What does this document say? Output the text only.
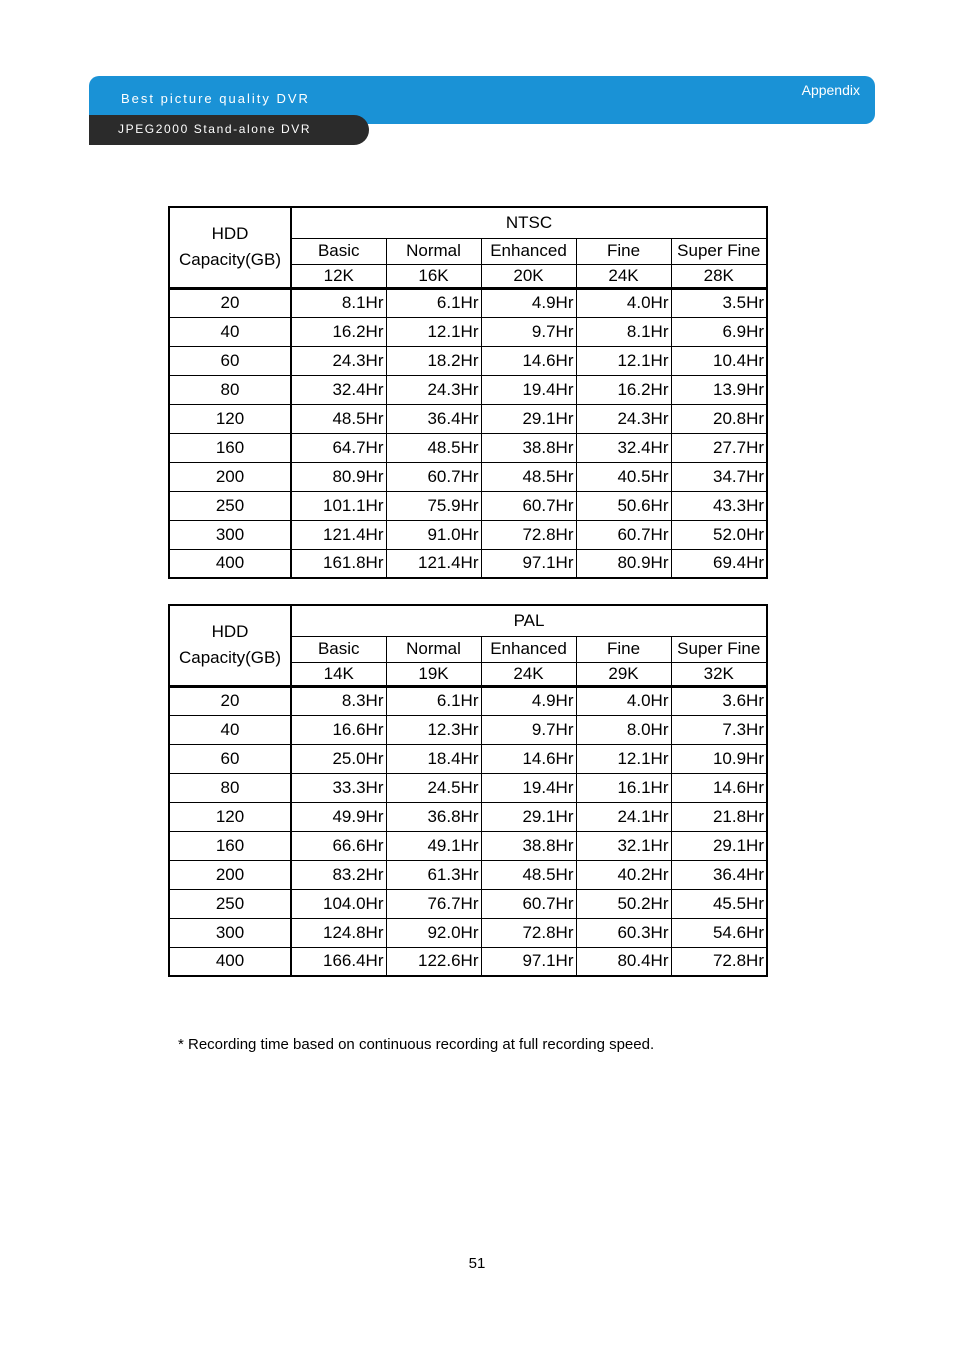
Best picture quality DVR
Appendix
JPEG2000 Stand-alone DVR
HDD
Capacity(GB)	NTSC				
	Basic	Normal	Enhanced	Fine	Super Fine
	12K	16K	20K	24K	28K
20	8.1Hr	6.1Hr	4.9Hr	4.0Hr	3.5Hr
40	16.2Hr	12.1Hr	9.7Hr	8.1Hr	6.9Hr
60	24.3Hr	18.2Hr	14.6Hr	12.1Hr	10.4Hr
80	32.4Hr	24.3Hr	19.4Hr	16.2Hr	13.9Hr
120	48.5Hr	36.4Hr	29.1Hr	24.3Hr	20.8Hr
160	64.7Hr	48.5Hr	38.8Hr	32.4Hr	27.7Hr
200	80.9Hr	60.7Hr	48.5Hr	40.5Hr	34.7Hr
250	101.1Hr	75.9Hr	60.7Hr	50.6Hr	43.3Hr
300	121.4Hr	91.0Hr	72.8Hr	60.7Hr	52.0Hr
400	161.8Hr	121.4Hr	97.1Hr	80.9Hr	69.4Hr
HDD
Capacity(GB)	PAL				
	Basic	Normal	Enhanced	Fine	Super Fine
	14K	19K	24K	29K	32K
20	8.3Hr	6.1Hr	4.9Hr	4.0Hr	3.6Hr
40	16.6Hr	12.3Hr	9.7Hr	8.0Hr	7.3Hr
60	25.0Hr	18.4Hr	14.6Hr	12.1Hr	10.9Hr
80	33.3Hr	24.5Hr	19.4Hr	16.1Hr	14.6Hr
120	49.9Hr	36.8Hr	29.1Hr	24.1Hr	21.8Hr
160	66.6Hr	49.1Hr	38.8Hr	32.1Hr	29.1Hr
200	83.2Hr	61.3Hr	48.5Hr	40.2Hr	36.4Hr
250	104.0Hr	76.7Hr	60.7Hr	50.2Hr	45.5Hr
300	124.8Hr	92.0Hr	72.8Hr	60.3Hr	54.6Hr
400	166.4Hr	122.6Hr	97.1Hr	80.4Hr	72.8Hr
* Recording time based on continuous recording at full recording speed.
51
